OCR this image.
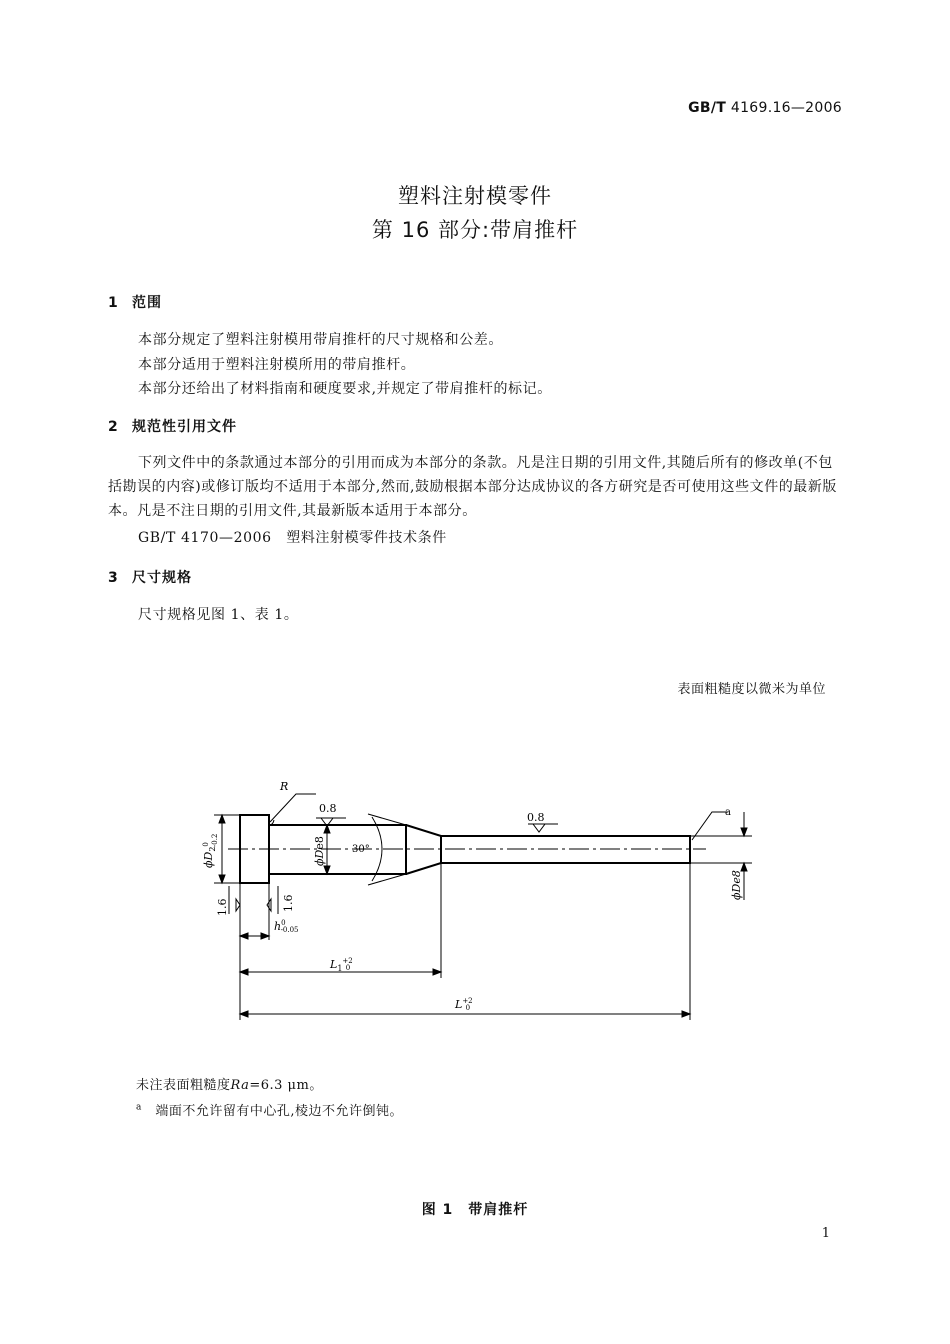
GB/T 4169.16—2006
塑料注射模零件
第 16 部分:带肩推杆
1 范围
本部分规定了塑料注射模用带肩推杆的尺寸规格和公差。
本部分适用于塑料注射模所用的带肩推杆。
本部分还给出了材料指南和硬度要求,并规定了带肩推杆的标记。
2 规范性引用文件
下列文件中的条款通过本部分的引用而成为本部分的条款。凡是注日期的引用文件,其随后所有的修改单(不包括勘误的内容)或修订版均不适用于本部分,然而,鼓励根据本部分达成协议的各方研究是否可使用这些文件的最新版本。凡是不注日期的引用文件,其最新版本适用于本部分。
GB/T 4170—2006　塑料注射模零件技术条件
3 尺寸规格
尺寸规格见图 1、表 1。
表面粗糙度以微米为单位
R
0.8
0.8
30°
a
$\phi D_2^0-0.2$
ϕDe8
ϕDe8
1.6	1.6
$h^0$ -0.05
$L_1^{+2}$ 0
$L^{+2}$ 0
未注表面粗糙度Ra=6.3 μm。
$^a$　 端面不允许留有中心孔,棱边不允许倒钝。
图 1　带肩推杆
1
